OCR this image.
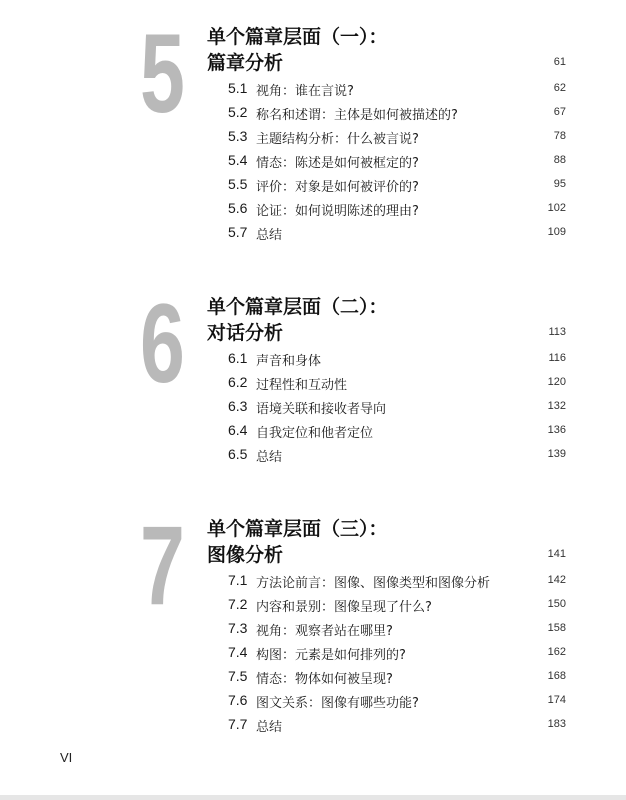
5 单个篇章层面（一）：
篇章分析	61
5.1 视角：谁在言说?	62
5.2 称名和述谓：主体是如何被描述的?	67
5.3 主题结构分析：什么被言说?	78
5.4 情态：陈述是如何被框定的?	88
5.5 评价：对象是如何被评价的?	95
5.6 论证：如何说明陈述的理由?	102
5.7 总结	109
6 单个篇章层面（二）：
对话分析	113
6.1 声音和身体	116
6.2 过程性和互动性	120
6.3 语境关联和接收者导向	132
6.4 自我定位和他者定位	136
6.5 总结	139
7 单个篇章层面（三）：
图像分析	141
7.1 方法论前言：图像、图像类型和图像分析	142
7.2 内容和景别：图像呈现了什么?	150
7.3 视角：观察者站在哪里?	158
7.4 构图：元素是如何排列的?	162
7.5 情态：物体如何被呈现?	168
7.6 图文关系：图像有哪些功能?	174
7.7 总结	183
VI
